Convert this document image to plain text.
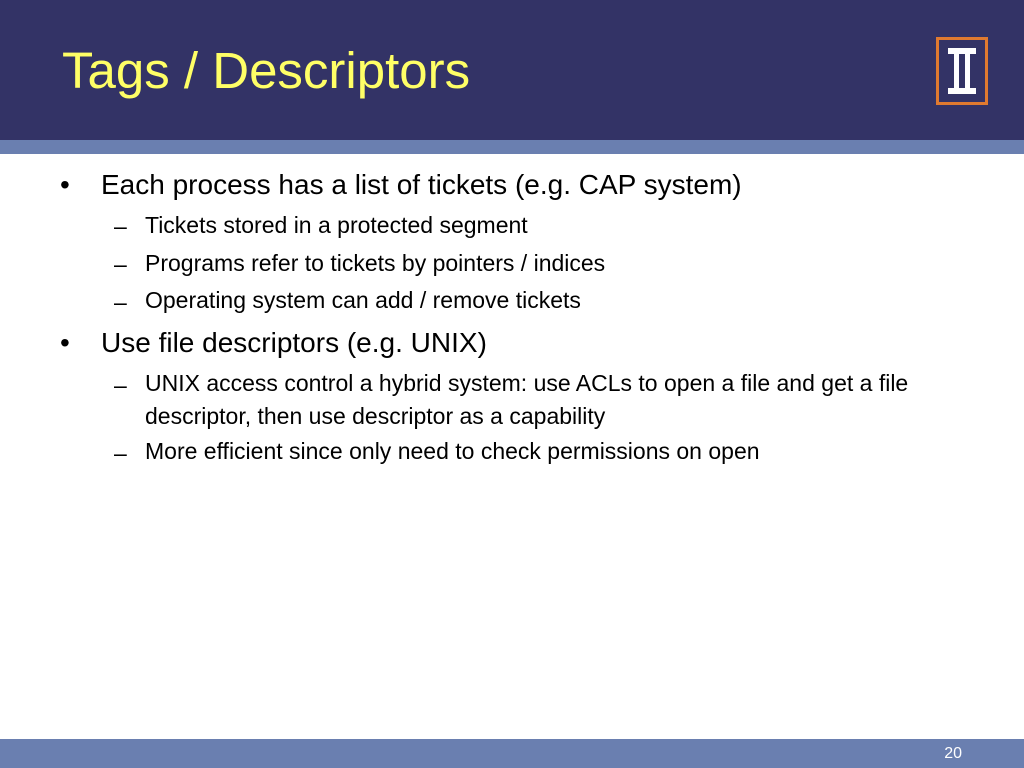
Tags / Descriptors
• Each process has a list of tickets (e.g. CAP system)
– Tickets stored in a protected segment
– Programs refer to tickets by pointers / indices
– Operating system can add / remove tickets
• Use file descriptors (e.g. UNIX)
– UNIX access control a hybrid system: use ACLs to open a file and get a file descriptor, then use descriptor as a capability
– More efficient since only need to check permissions on open
20
